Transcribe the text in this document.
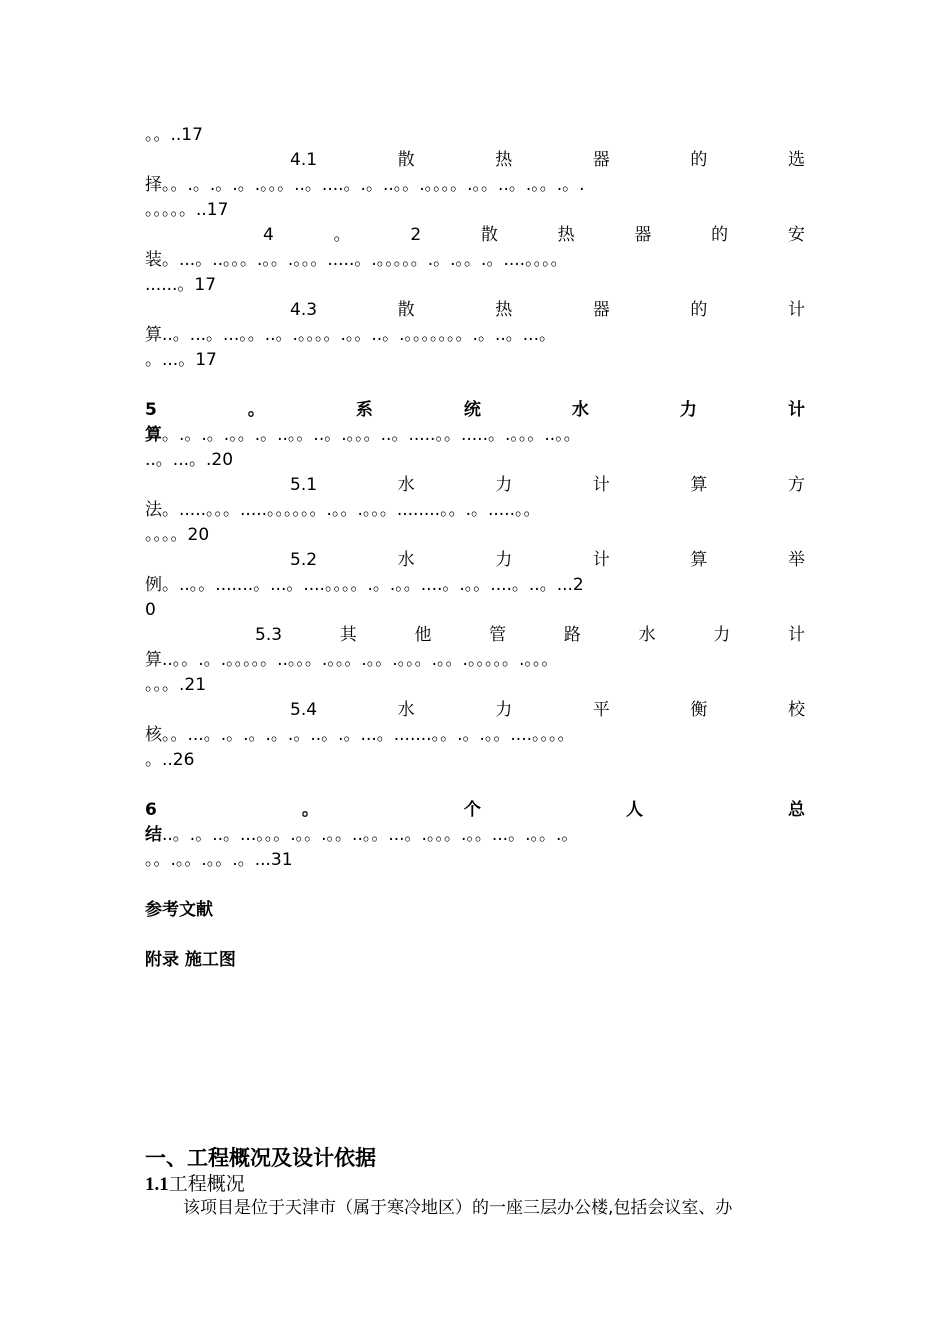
。。..17
4.1	散	热	器	的	选
择。。.。.。.。.。。。..。....。.。..。。.。。。。.。。..。.。。.。.
。。。。。..17
4	。	2	散	热	器	的	安
装。...。..。。。.。。.。。。.....。.。。。。。.。.。。.。....。。。。
......。17
4.3	散	热	器	的	计
算..。...。...。。..。.。。。。.。。..。.。。。。。。。.。..。...。
。...。17
5	。	系	统	水	力	计
算。.。.。.。。.。..。。..。.。。。..。.....。。.....。.。。。..。。
..。...。.20
5.1	水	力	计	算	方
法。.....。。。.....。。。。。。.。。.。。。........。。.。.....。。
。。。。20
5.2	水	力	计	算	举
例。..。。.......。...。....。。。。.。.。。....。.。。....。..。...2
0
5.3	其	他	管	路	水	力	计
算..。。.。.。。。。。..。。。.。。。.。。.。。。.。。.。。。。。.。。。
。。。.21
5.4	水	力	平	衡	校
核。。...。.。.。.。.。..。.。...。.......。。.。.。。....。。。。
。..26
6	。	个	人	总
结..。.。..。...。。。.。。.。。..。。...。.。。。.。。...。.。。.。
。。.。。.。。.。...31
参考文献
附录 施工图
一、工程概况及设计依据
1.1工程概况
该项目是位于天津市（属于寒冷地区）的一座三层办公楼,包括会议室、办
